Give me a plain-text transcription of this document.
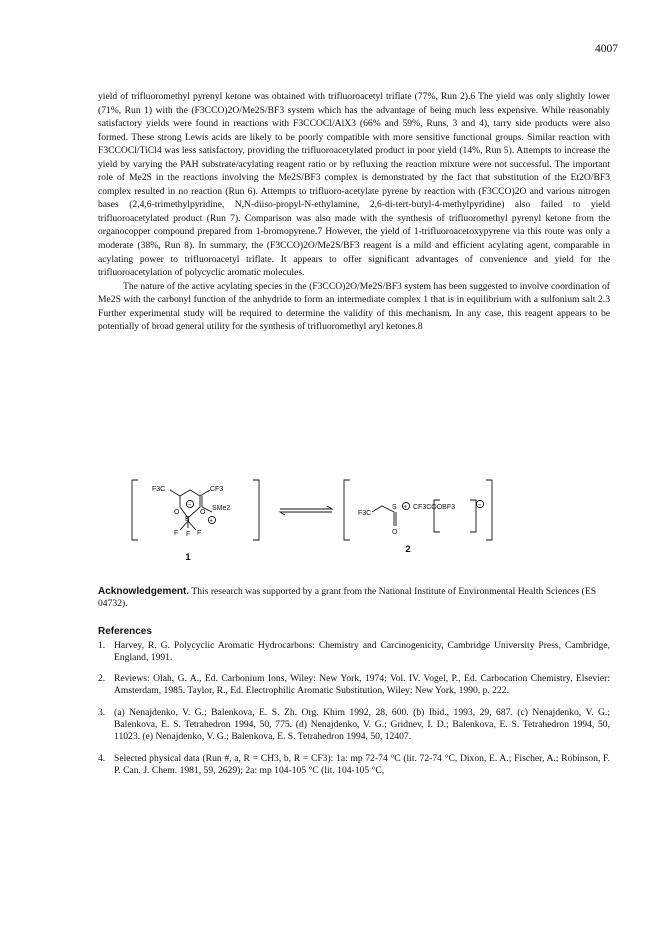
4007

yield of trifluoromethyl pyrenyl ketone was obtained with trifluoroacetyl triflate (77%, Run 2).6 The yield was only slightly lower (71%, Run 1) with the (F3CCO)2O/Me2S/BF3 system which has the advantage of being much less expensive. While reasonably satisfactory yields were found in reactions with F3CCOCl/AlX3 (66% and 59%, Runs, 3 and 4), tarry side products were also formed. These strong Lewis acids are likely to be poorly compatible with more sensitive functional groups. Similar reaction with F3CCOCl/TiCl4 was less satisfactory, providing the trifluoroacetylated product in poor yield (14%, Run 5). Attempts to increase the yield by varying the PAH substrate/acylating reagent ratio or by refluxing the reaction mixture were not successful. The important role of Me2S in the reactions involving the Me2S/BF3 complex is demonstrated by the fact that substitution of the Et2O/BF3 complex resulted in no reaction (Run 6). Attempts to trifluoro-acetylate pyrene by reaction with (F3CCO)2O and various nitrogen bases (2,4,6-trimethylpyridine, N,N-diiso-propyl-N-ethylamine, 2,6-di-tert-butyl-4-methylpyridine) also failed to yield trifluoroacetylated product (Run 7). Comparison was also made with the synthesis of trifluoromethyl pyrenyl ketone from the organocopper compound prepared from 1-bromopyrene.7 However, the yield of 1-trifluoroacetoxypyrene via this route was only a moderate (38%, Run 8). In summary, the (F3CCO)2O/Me2S/BF3 reagent is a mild and efficient acylating agent, comparable in acylating power to trifluoroacetyl triflate. It appears to offer significant advantages of convenience and yield for the trifluoroacetylation of polycyclic aromatic molecules.

The nature of the active acylating species in the (F3CCO)2O/Me2S/BF3 system has been suggested to involve coordination of Me2S with the carbonyl function of the anhydride to form an intermediate complex 1 that is in equilibrium with a sulfonium salt 2.3 Further experimental study will be required to determine the validity of this mechanism. In any case, this reagent appears to be potentially of broad general utility for the synthesis of trifluoromethyl aryl ketones.8

F3C	CF3
O	O
B
F F F
SMe2
−
+
1
F3C
S
O
CF3COOBF3
+	−
2
Acknowledgement. This research was supported by a grant from the National Institute of Environmental Health Sciences (ES 04732).
References
1. Harvey, R. G. Polycyclic Aromatic Hydrocarbons: Chemistry and Carcinogenicity, Cambridge University Press, Cambridge, England, 1991.
2. Reviews: Olah, G. A., Ed. Carbonium Ions, Wiley: New York, 1974; Vol. IV. Vogel, P., Ed. Carbocation Chemistry, Elsevier: Amsterdam, 1985. Taylor, R., Ed. Electrophilic Aromatic Substitution, Wiley: New York, 1990, p. 222.
3. (a) Nenajdenko, V. G.; Balenkova, E. S. Zh. Org. Khim 1992, 28, 600. (b) Ibid., 1993, 29, 687. (c) Nenajdenko, V. G.; Balenkova, E. S. Tetrahedron 1994, 50, 775. (d) Nenajdenko, V. G.; Gridnev, I. D.; Balenkova, E. S. Tetrahedron 1994, 50, 11023. (e) Nenajdenko, V. G.; Balenkova, E. S. Tetrahedron 1994, 50, 12407.
4. Selected physical data (Run #, a, R = CH3, b, R = CF3): 1a: mp 72-74 °C (lit. 72-74 °C, Dixon, E. A.; Fischer, A.; Robinson, F. P. Can. J. Chem. 1981, 59, 2629); 2a: mp 104-105 °C (lit. 104-105 °C,
